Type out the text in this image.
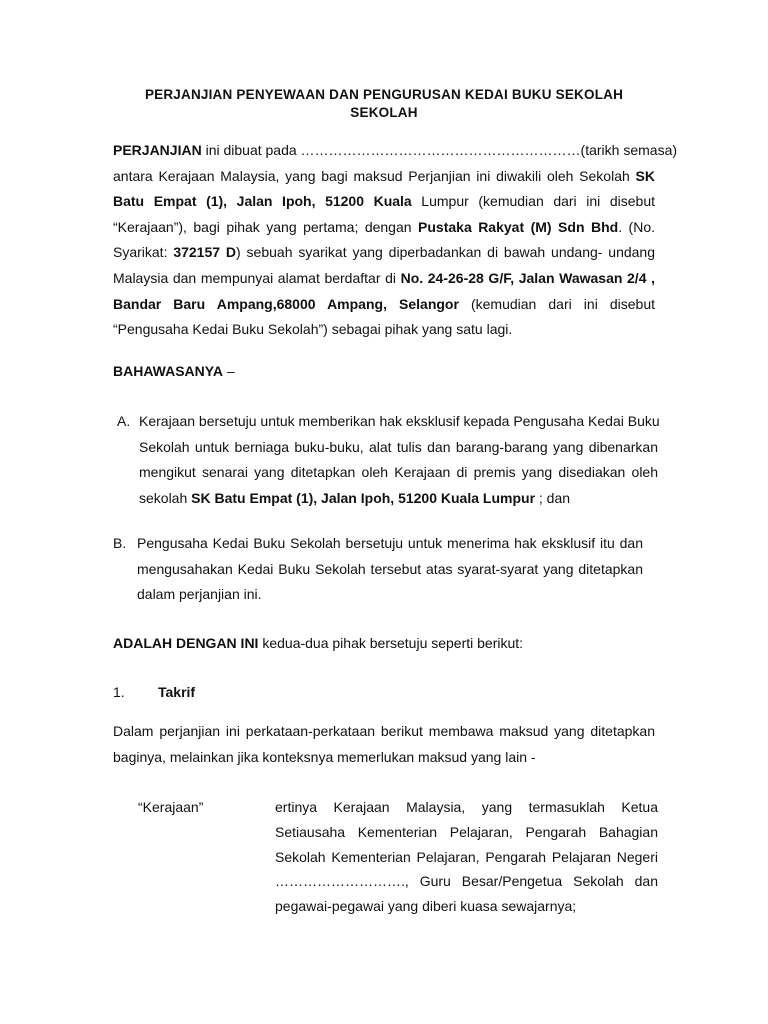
PERJANJIAN PENYEWAAN DAN PENGURUSAN KEDAI BUKU SEKOLAH
SEKOLAH
PERJANJIAN ini dibuat pada ……………………………………………………(tarikh semasa)
antara Kerajaan Malaysia, yang bagi maksud Perjanjian ini diwakili oleh Sekolah SK
Batu Empat (1), Jalan Ipoh, 51200 Kuala Lumpur (kemudian dari ini disebut
“Kerajaan”), bagi pihak yang pertama; dengan Pustaka Rakyat (M) Sdn Bhd. (No.
Syarikat: 372157 D) sebuah syarikat yang diperbadankan di bawah undang- undang
Malaysia dan mempunyai alamat berdaftar di No. 24-26-28 G/F, Jalan Wawasan 2/4 ,
Bandar Baru Ampang,68000 Ampang, Selangor (kemudian dari ini disebut
“Pengusaha Kedai Buku Sekolah”) sebagai pihak yang satu lagi.
BAHAWASANYA –
A. Kerajaan bersetuju untuk memberikan hak eksklusif kepada Pengusaha Kedai Buku
Sekolah untuk berniaga buku-buku, alat tulis dan barang-barang yang dibenarkan
mengikut senarai yang ditetapkan oleh Kerajaan di premis yang disediakan oleh
sekolah SK Batu Empat (1), Jalan Ipoh, 51200 Kuala Lumpur ; dan
B. Pengusaha Kedai Buku Sekolah bersetuju untuk menerima hak eksklusif itu dan
mengusahakan Kedai Buku Sekolah tersebut atas syarat-syarat yang ditetapkan
dalam perjanjian ini.
ADALAH DENGAN INI kedua-dua pihak bersetuju seperti berikut:
1. Takrif
Dalam perjanjian ini perkataan-perkataan berikut membawa maksud yang ditetapkan
baginya, melainkan jika konteksnya memerlukan maksud yang lain -
“Kerajaan”	ertinya Kerajaan Malaysia, yang termasuklah Ketua
Setiausaha Kementerian Pelajaran, Pengarah Bahagian
Sekolah Kementerian Pelajaran, Pengarah Pelajaran Negeri
………………………., Guru Besar/Pengetua Sekolah dan
pegawai-pegawai yang diberi kuasa sewajarnya;
